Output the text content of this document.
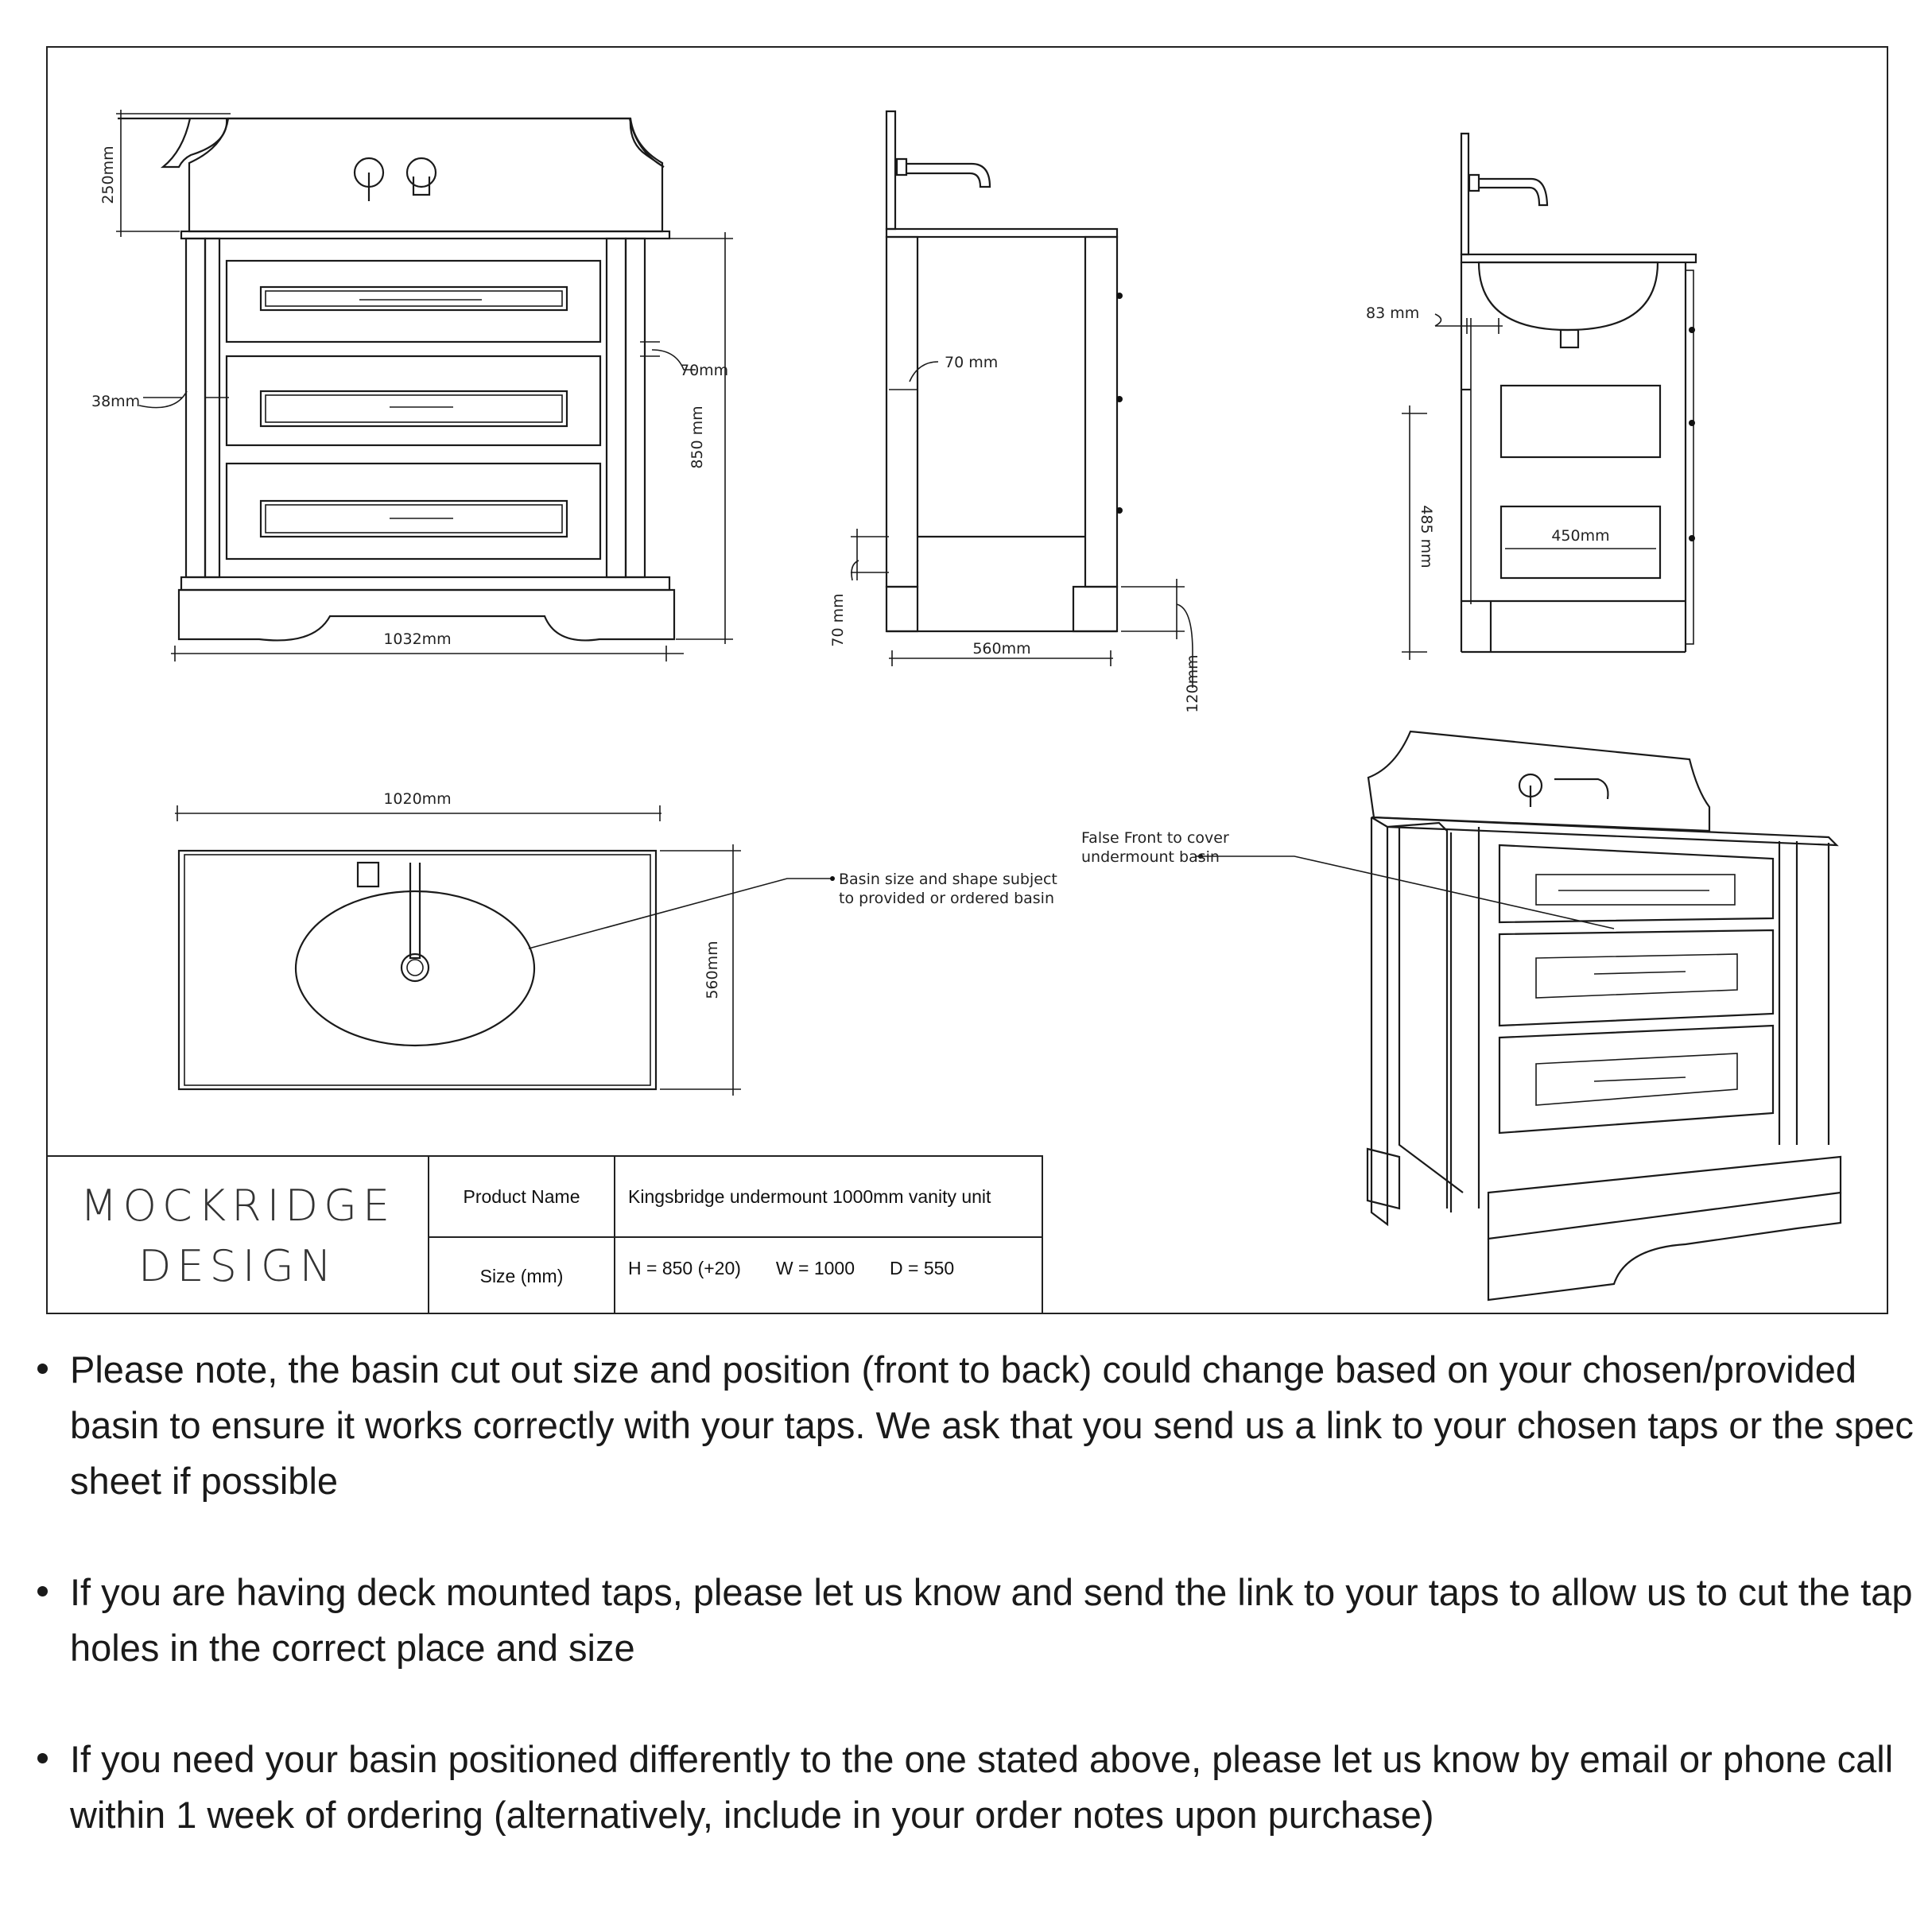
250mm
850 mm
1032mm
38mm
70mm
560mm
70 mm
70 mm
120mm
83 mm
485 mm	450mm
1020mm
560mm
Basin size and shape subject
to provided or ordered basin
False Front to cover
undermount basin
MOCKRIDGE
DESIGN
Product Name	Kingsbridge undermount 1000mm vanity unit
Size (mm)	H = 850 (+20) W = 1000 D = 550
Please note, the basin cut out size and position (front to back) could change based on your chosen/provided basin to ensure it works correctly with your taps. We ask that you send us a link to your chosen taps or the spec sheet if possible
If you are having deck mounted taps, please let us know and send the link to your taps to allow us to cut the tap holes in the correct place and size
If you need your basin positioned differently to the one stated above, please let us know by email or phone call within 1 week of ordering (alternatively, include in your order notes upon purchase)
